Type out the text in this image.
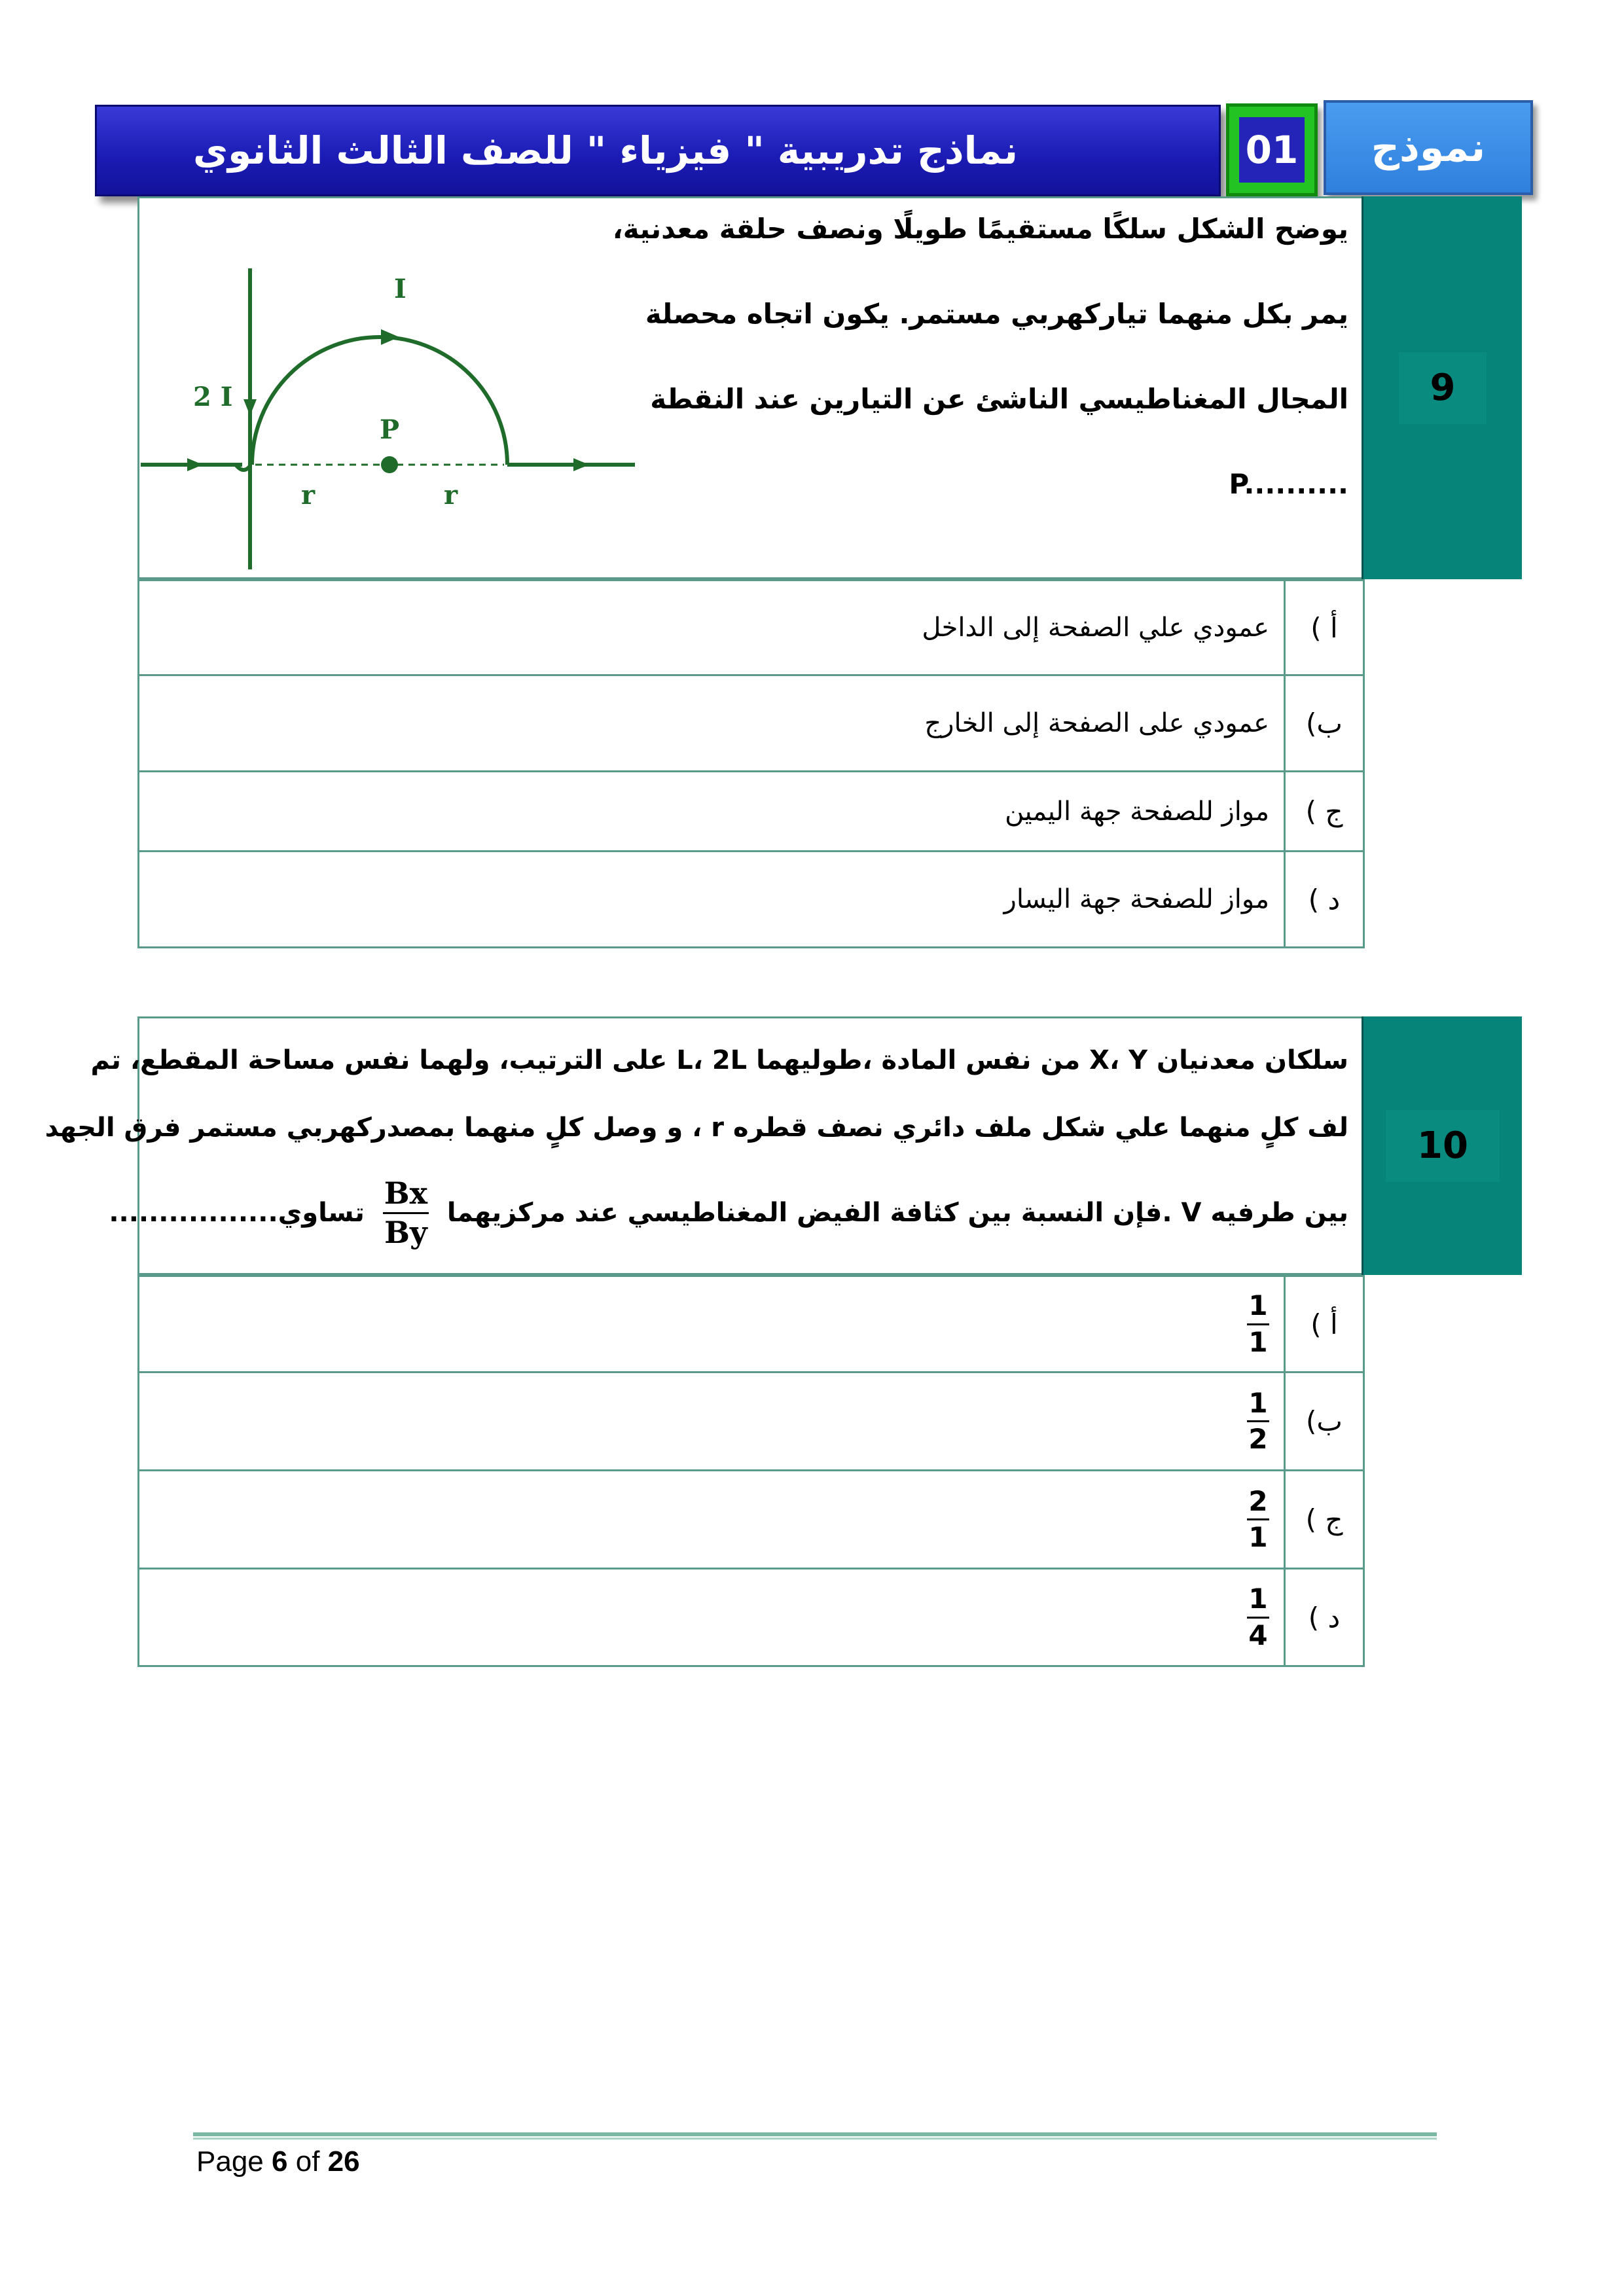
نماذج تدريبية " فيزياء " للصف الثالث الثانوي	01 نموذج
9
يوضح الشكل سلكًا مستقيمًا طويلًا ونصف حلقة معدنية،
يمر بكل منهما تياركهربي مستمر. يكون اتجاه محصلة
المجال المغناطيسي الناشئ عن التيارين عند النقطة
P..........
I
2 I
P
r	r
أ )
عمودي علي الصفحة إلى الداخل
ب)
عمودي على الصفحة إلى الخارج
ج )
مواز للصفحة جهة اليمين
د )
مواز للصفحة جهة اليسار
10
سلكان معدنيان X، Y من نفس المادة ،طوليهما L، 2L على الترتيب، ولهما نفس مساحة المقطع، تم
لف كلٍ منهما علي شكل ملف دائري نصف قطره r ، و وصل كلٍ منهما بمصدركهربي مستمر فرق الجهد
بين طرفيه V .فإن النسبة بين كثافة الفيض المغناطيسي عند مركزيهما
$\frac{Bx}{By}$
تساوي.................
أ )
$\frac{1}{1}$
ب)
$\frac{1}{2}$
ج )
$\frac{2}{1}$
د )
$\frac{1}{4}$
Page 6 of 26
